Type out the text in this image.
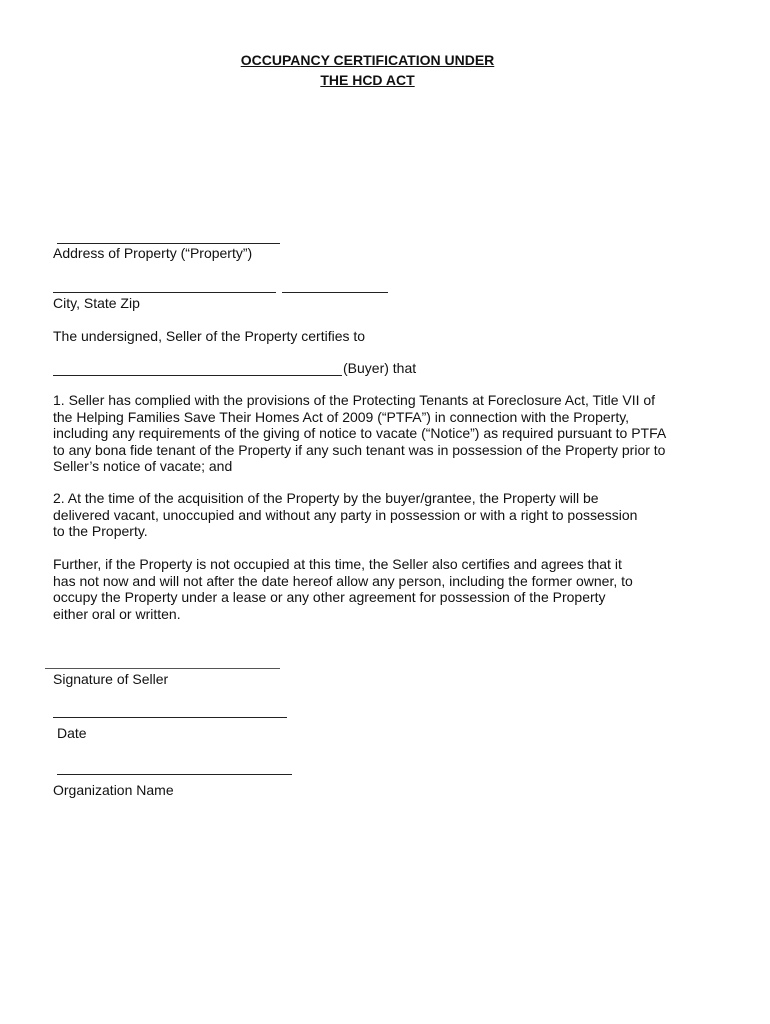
OCCUPANCY CERTIFICATION UNDER
THE HCD ACT
Address of Property (“Property”)
City, State Zip
The undersigned, Seller of the Property certifies to
(Buyer) that
1. Seller has complied with the provisions of the Protecting Tenants at Foreclosure Act, Title VII of
the Helping Families Save Their Homes Act of 2009 (“PTFA”) in connection with the Property,
including any requirements of the giving of notice to vacate (“Notice”) as required pursuant to PTFA
to any bona fide tenant of the Property if any such tenant was in possession of the Property prior to
Seller’s notice of vacate; and
2. At the time of the acquisition of the Property by the buyer/grantee, the Property will be
delivered vacant, unoccupied and without any party in possession or with a right to possession
to the Property.
Further, if the Property is not occupied at this time, the Seller also certifies and agrees that it
has not now and will not after the date hereof allow any person, including the former owner, to
occupy the Property under a lease or any other agreement for possession of the Property
either oral or written.
Signature of Seller
Date
Organization Name
